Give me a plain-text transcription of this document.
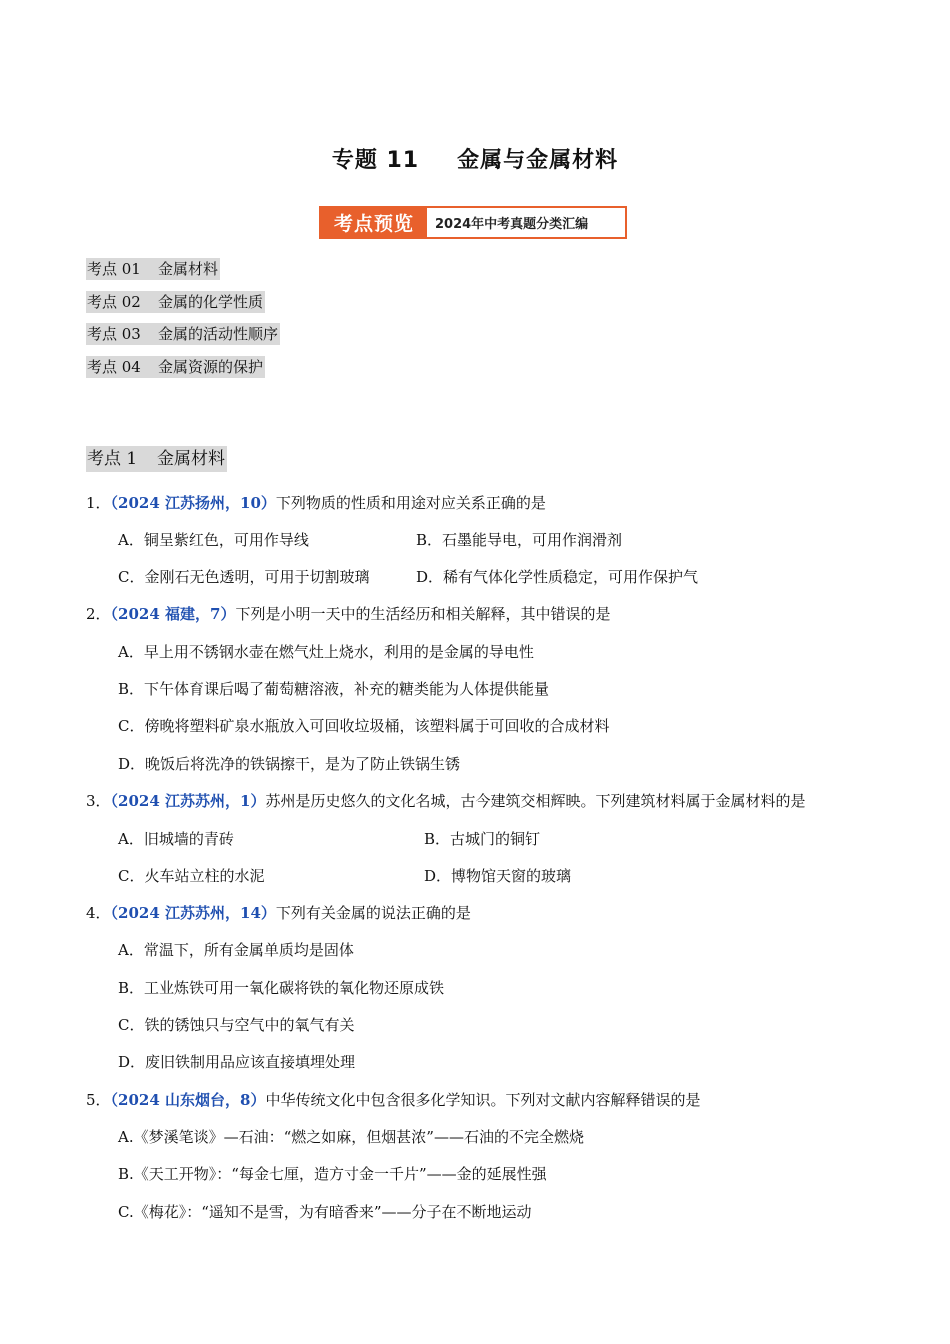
专题 11 金属与金属材料
考点预览	2024年中考真题分类汇编
考点 01 金属材料
考点 02 金属的化学性质
考点 03 金属的活动性顺序
考点 04 金属资源的保护
考点 1 金属材料
1．（2024 江苏扬州，10）下列物质的性质和用途对应关系正确的是
A．铜呈紫红色，可用作导线	B．石墨能导电，可用作润滑剂
C．金刚石无色透明，可用于切割玻璃	D．稀有气体化学性质稳定，可用作保护气
2．（2024 福建，7）下列是小明一天中的生活经历和相关解释，其中错误的是
A．早上用不锈钢水壶在燃气灶上烧水，利用的是金属的导电性
B．下午体育课后喝了葡萄糖溶液，补充的糖类能为人体提供能量
C．傍晚将塑料矿泉水瓶放入可回收垃圾桶，该塑料属于可回收的合成材料
D．晚饭后将洗净的铁锅擦干，是为了防止铁锅生锈
3．（2024 江苏苏州，1）苏州是历史悠久的文化名城，古今建筑交相辉映。下列建筑材料属于金属材料的是
A．旧城墙的青砖	B．古城门的铜钉
C．火车站立柱的水泥	D．博物馆天窗的玻璃
4．（2024 江苏苏州，14）下列有关金属的说法正确的是
A．常温下，所有金属单质均是固体
B．工业炼铁可用一氧化碳将铁的氧化物还原成铁
C．铁的锈蚀只与空气中的氧气有关
D．废旧铁制用品应该直接填埋处理
5．（2024 山东烟台，8）中华传统文化中包含很多化学知识。下列对文献内容解释错误的是
A.《梦溪笔谈》—石油：“燃之如麻，但烟甚浓”——石油的不完全燃烧
B.《天工开物》：“每金七厘，造方寸金一千片”——金的延展性强
C.《梅花》：“遥知不是雪，为有暗香来”——分子在不断地运动
